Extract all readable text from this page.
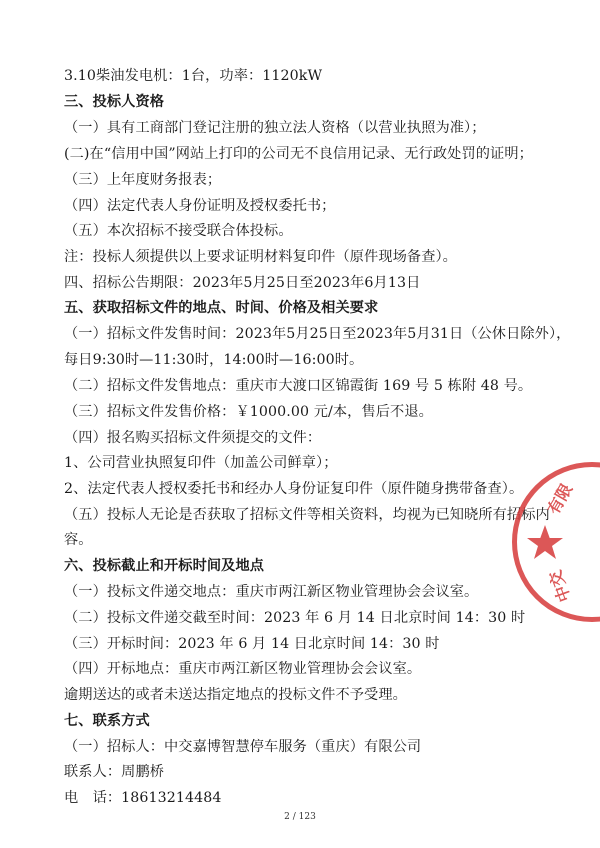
3.10柴油发电机：1台，功率：1120kW
三、投标人资格
（一）具有工商部门登记注册的独立法人资格（以营业执照为准）；
(二)在“信用中国”网站上打印的公司无不良信用记录、无行政处罚的证明；
（三）上年度财务报表；
（四）法定代表人身份证明及授权委托书；
（五）本次招标不接受联合体投标。
注：投标人须提供以上要求证明材料复印件（原件现场备查）。
四、招标公告期限：2023年5月25日至2023年6月13日
五、获取招标文件的地点、时间、价格及相关要求
（一）招标文件发售时间：2023年5月25日至2023年5月31日（公休日除外），
每日9:30时—11:30时，14:00时—16:00时。
（二）招标文件发售地点：重庆市大渡口区锦霞街 169 号 5 栋附 48 号。
（三）招标文件发售价格：￥1000.00 元/本，售后不退。
（四）报名购买招标文件须提交的文件：
1、公司营业执照复印件（加盖公司鲜章）；
2、法定代表人授权委托书和经办人身份证复印件（原件随身携带备查）。
（五）投标人无论是否获取了招标文件等相关资料，均视为已知晓所有招标内
容。
六、投标截止和开标时间及地点
（一）投标文件递交地点：重庆市两江新区物业管理协会会议室。
（二）投标文件递交截至时间：2023 年 6 月 14 日北京时间 14：30 时
（三）开标时间：2023 年 6 月 14 日北京时间 14：30 时
（四）开标地点：重庆市两江新区物业管理协会会议室。
逾期送达的或者未送达指定地点的投标文件不予受理。
七、联系方式
（一）招标人：中交嘉博智慧停车服务（重庆）有限公司
联系人：周鹏桥
电　话：18613214484
有限
中交
2 / 123
